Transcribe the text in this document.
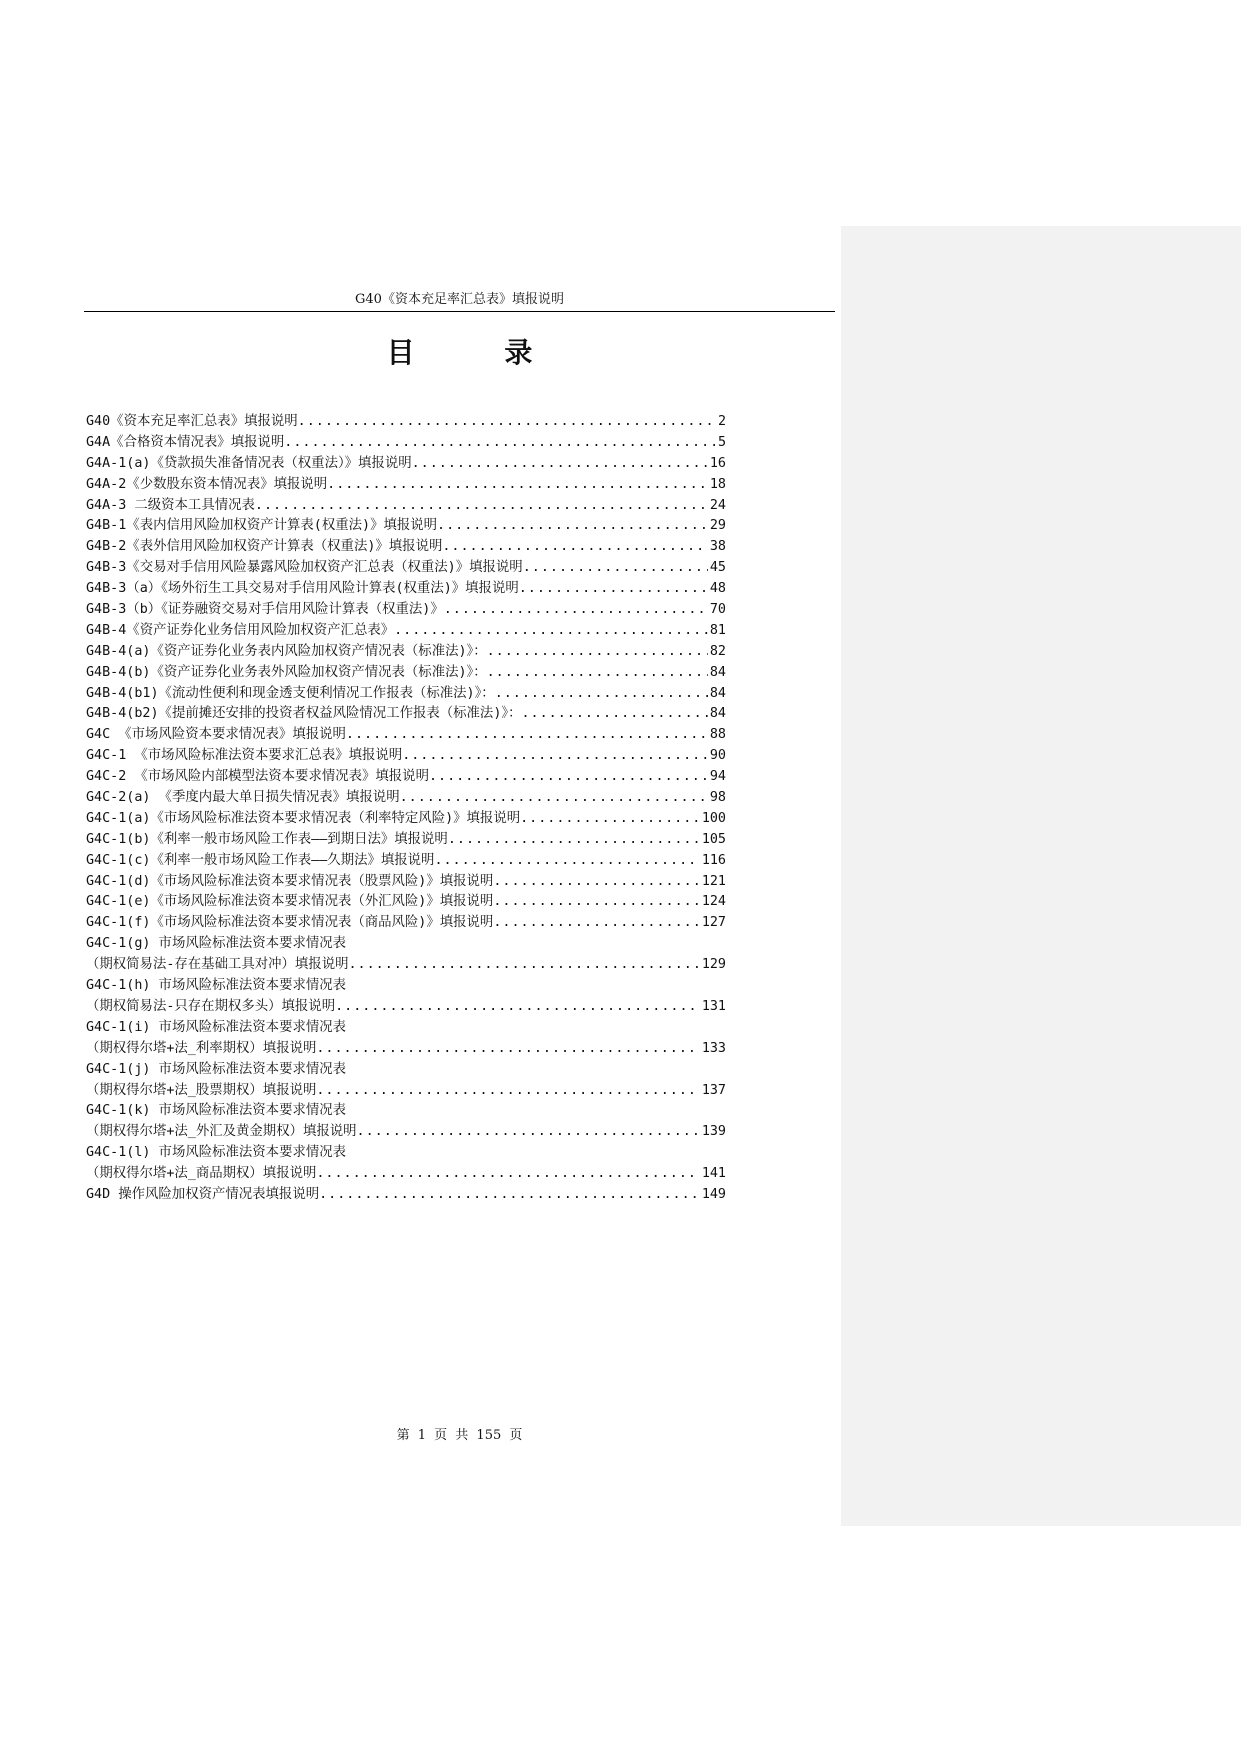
G40《资本充足率汇总表》填报说明
目 录
G40《资本充足率汇总表》填报说明 .....	2
G4A《合格资本情况表》填报说明 .....	5
G4A-1(a)《贷款损失准备情况表（权重法）》填报说明 .....	16
G4A-2《少数股东资本情况表》填报说明 .....	18
G4A-3 二级资本工具情况表 .....	24
G4B-1《表内信用风险加权资产计算表(权重法)》填报说明 .....	29
G4B-2《表外信用风险加权资产计算表（权重法)》填报说明 .....	38
G4B-3《交易对手信用风险暴露风险加权资产汇总表（权重法)》填报说明 .....	45
G4B-3（a）《场外衍生工具交易对手信用风险计算表(权重法)》填报说明 .....	48
G4B-3（b）《证券融资交易对手信用风险计算表（权重法)》 .....	70
G4B-4《资产证券化业务信用风险加权资产汇总表》 .....	81
G4B-4(a)《资产证券化业务表内风险加权资产情况表（标准法)》： .....	82
G4B-4(b)《资产证券化业务表外风险加权资产情况表（标准法)》： .....	84
G4B-4(b1)《流动性便利和现金透支便利情况工作报表（标准法)》： .....	84
G4B-4(b2)《提前摊还安排的投资者权益风险情况工作报表（标准法)》： .....	84
G4C 《市场风险资本要求情况表》填报说明 .....	88
G4C-1 《市场风险标准法资本要求汇总表》填报说明 .....	90
G4C-2 《市场风险内部模型法资本要求情况表》填报说明 .....	94
G4C-2(a) 《季度内最大单日损失情况表》填报说明 .....	98
G4C-1(a)《市场风险标准法资本要求情况表（利率特定风险)》填报说明 .....	100
G4C-1(b)《利率一般市场风险工作表——到期日法》填报说明 .....	105
G4C-1(c)《利率一般市场风险工作表——久期法》填报说明 .....	116
G4C-1(d)《市场风险标准法资本要求情况表（股票风险)》填报说明 .....	121
G4C-1(e)《市场风险标准法资本要求情况表（外汇风险)》填报说明 .....	124
G4C-1(f)《市场风险标准法资本要求情况表（商品风险)》填报说明 .....	127
G4C-1(g) 市场风险标准法资本要求情况表
（期权简易法-存在基础工具对冲）填报说明 .....	129
G4C-1(h) 市场风险标准法资本要求情况表
（期权简易法-只存在期权多头）填报说明 .....	131
G4C-1(i) 市场风险标准法资本要求情况表
（期权得尔塔+法_利率期权）填报说明 .....	133
G4C-1(j) 市场风险标准法资本要求情况表
（期权得尔塔+法_股票期权）填报说明 .....	137
G4C-1(k) 市场风险标准法资本要求情况表
（期权得尔塔+法_外汇及黄金期权）填报说明 .....	139
G4C-1(l) 市场风险标准法资本要求情况表
（期权得尔塔+法_商品期权）填报说明 .....	141
G4D 操作风险加权资产情况表填报说明 .....	149
第 1 页 共 155 页
